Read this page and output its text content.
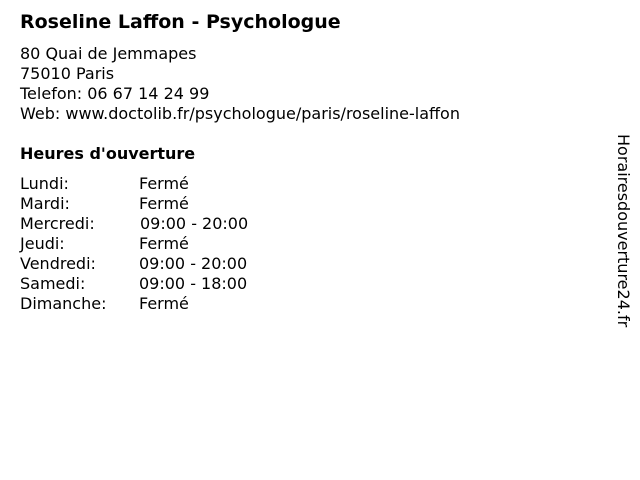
Roseline Laffon - Psychologue
80 Quai de Jemmapes
75010 Paris
Telefon: 06 67 14 24 99
Web: www.doctolib.fr/psychologue/paris/roseline-laffon
Heures d'ouverture
Lundi:	Fermé
Mardi:	Fermé
Mercredi:	09:00 - 20:00
Jeudi:	Fermé
Vendredi:	09:00 - 20:00
Samedi:	09:00 - 18:00
Dimanche: Fermé	Horairesdouverture24.fr
